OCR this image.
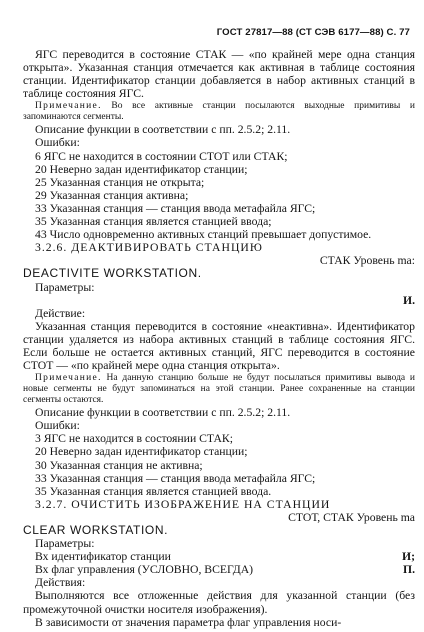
ГОСТ 27817—88 (СТ СЭВ 6177—88) С. 77

ЯГС переводится в состояние СТАК — «по крайней мере одна станция открыта». Указанная станция отмечается как активная в таблице состояния станции. Идентификатор станции добавляется в набор активных станций в таблице состояния ЯГС.

Примечание. Во все активные станции посылаются выходные примитивы и запоминаются сегменты.

Описание функции в соответствии с пп. 2.5.2; 2.11.

Ошибки:

6 ЯГС не находится в состоянии СТОТ или СТАК;

20 Неверно задан идентификатор станции;

25 Указанная станция не открыта;

29 Указанная станция активна;

33 Указанная станция — станция ввода метафайла ЯГС;

35 Указанная станция является станцией ввода;

43 Число одновременно активных станций превышает допустимое.

3.2.6. ДЕАКТИВИРОВАТЬ СТАНЦИЮ

СТАК Уровень ma:

DEACTIVITE WORKSTATION.

Параметры:

И.

Действие:

Указанная станция переводится в состояние «неактивна». Идентификатор станции удаляется из набора активных станций в таблице состояния ЯГС. Если больше не остается активных станций, ЯГС переводится в состояние СТОТ — «по крайней мере одна станция открыта».

Примечание. На данную станцию больше не будут посылаться примитивы вывода и новые сегменты не будут запоминаться на этой станции. Ранее сохраненные на станции сегменты остаются.

Описание функции в соответствии с пп. 2.5.2; 2.11.

Ошибки:

3 ЯГС не находится в состоянии СТАК;

20 Неверно задан идентификатор станции;

30 Указанная станция не активна;

33 Указанная станция — станция ввода метафайла ЯГС;

35 Указанная станция является станцией ввода.

3.2.7. ОЧИСТИТЬ ИЗОБРАЖЕНИЕ НА СТАНЦИИ

СТОТ, СТАК Уровень ma

CLEAR WORKSTATION.

Параметры:

Вх идентификатор станции	И;
Вх флаг управления (УСЛОВНО, ВСЕГДА)	П.

Действия:

Выполняются все отложенные действия для указанной станции (без промежуточной очистки носителя изображения).

В зависимости от значения параметра флаг управления носи-
